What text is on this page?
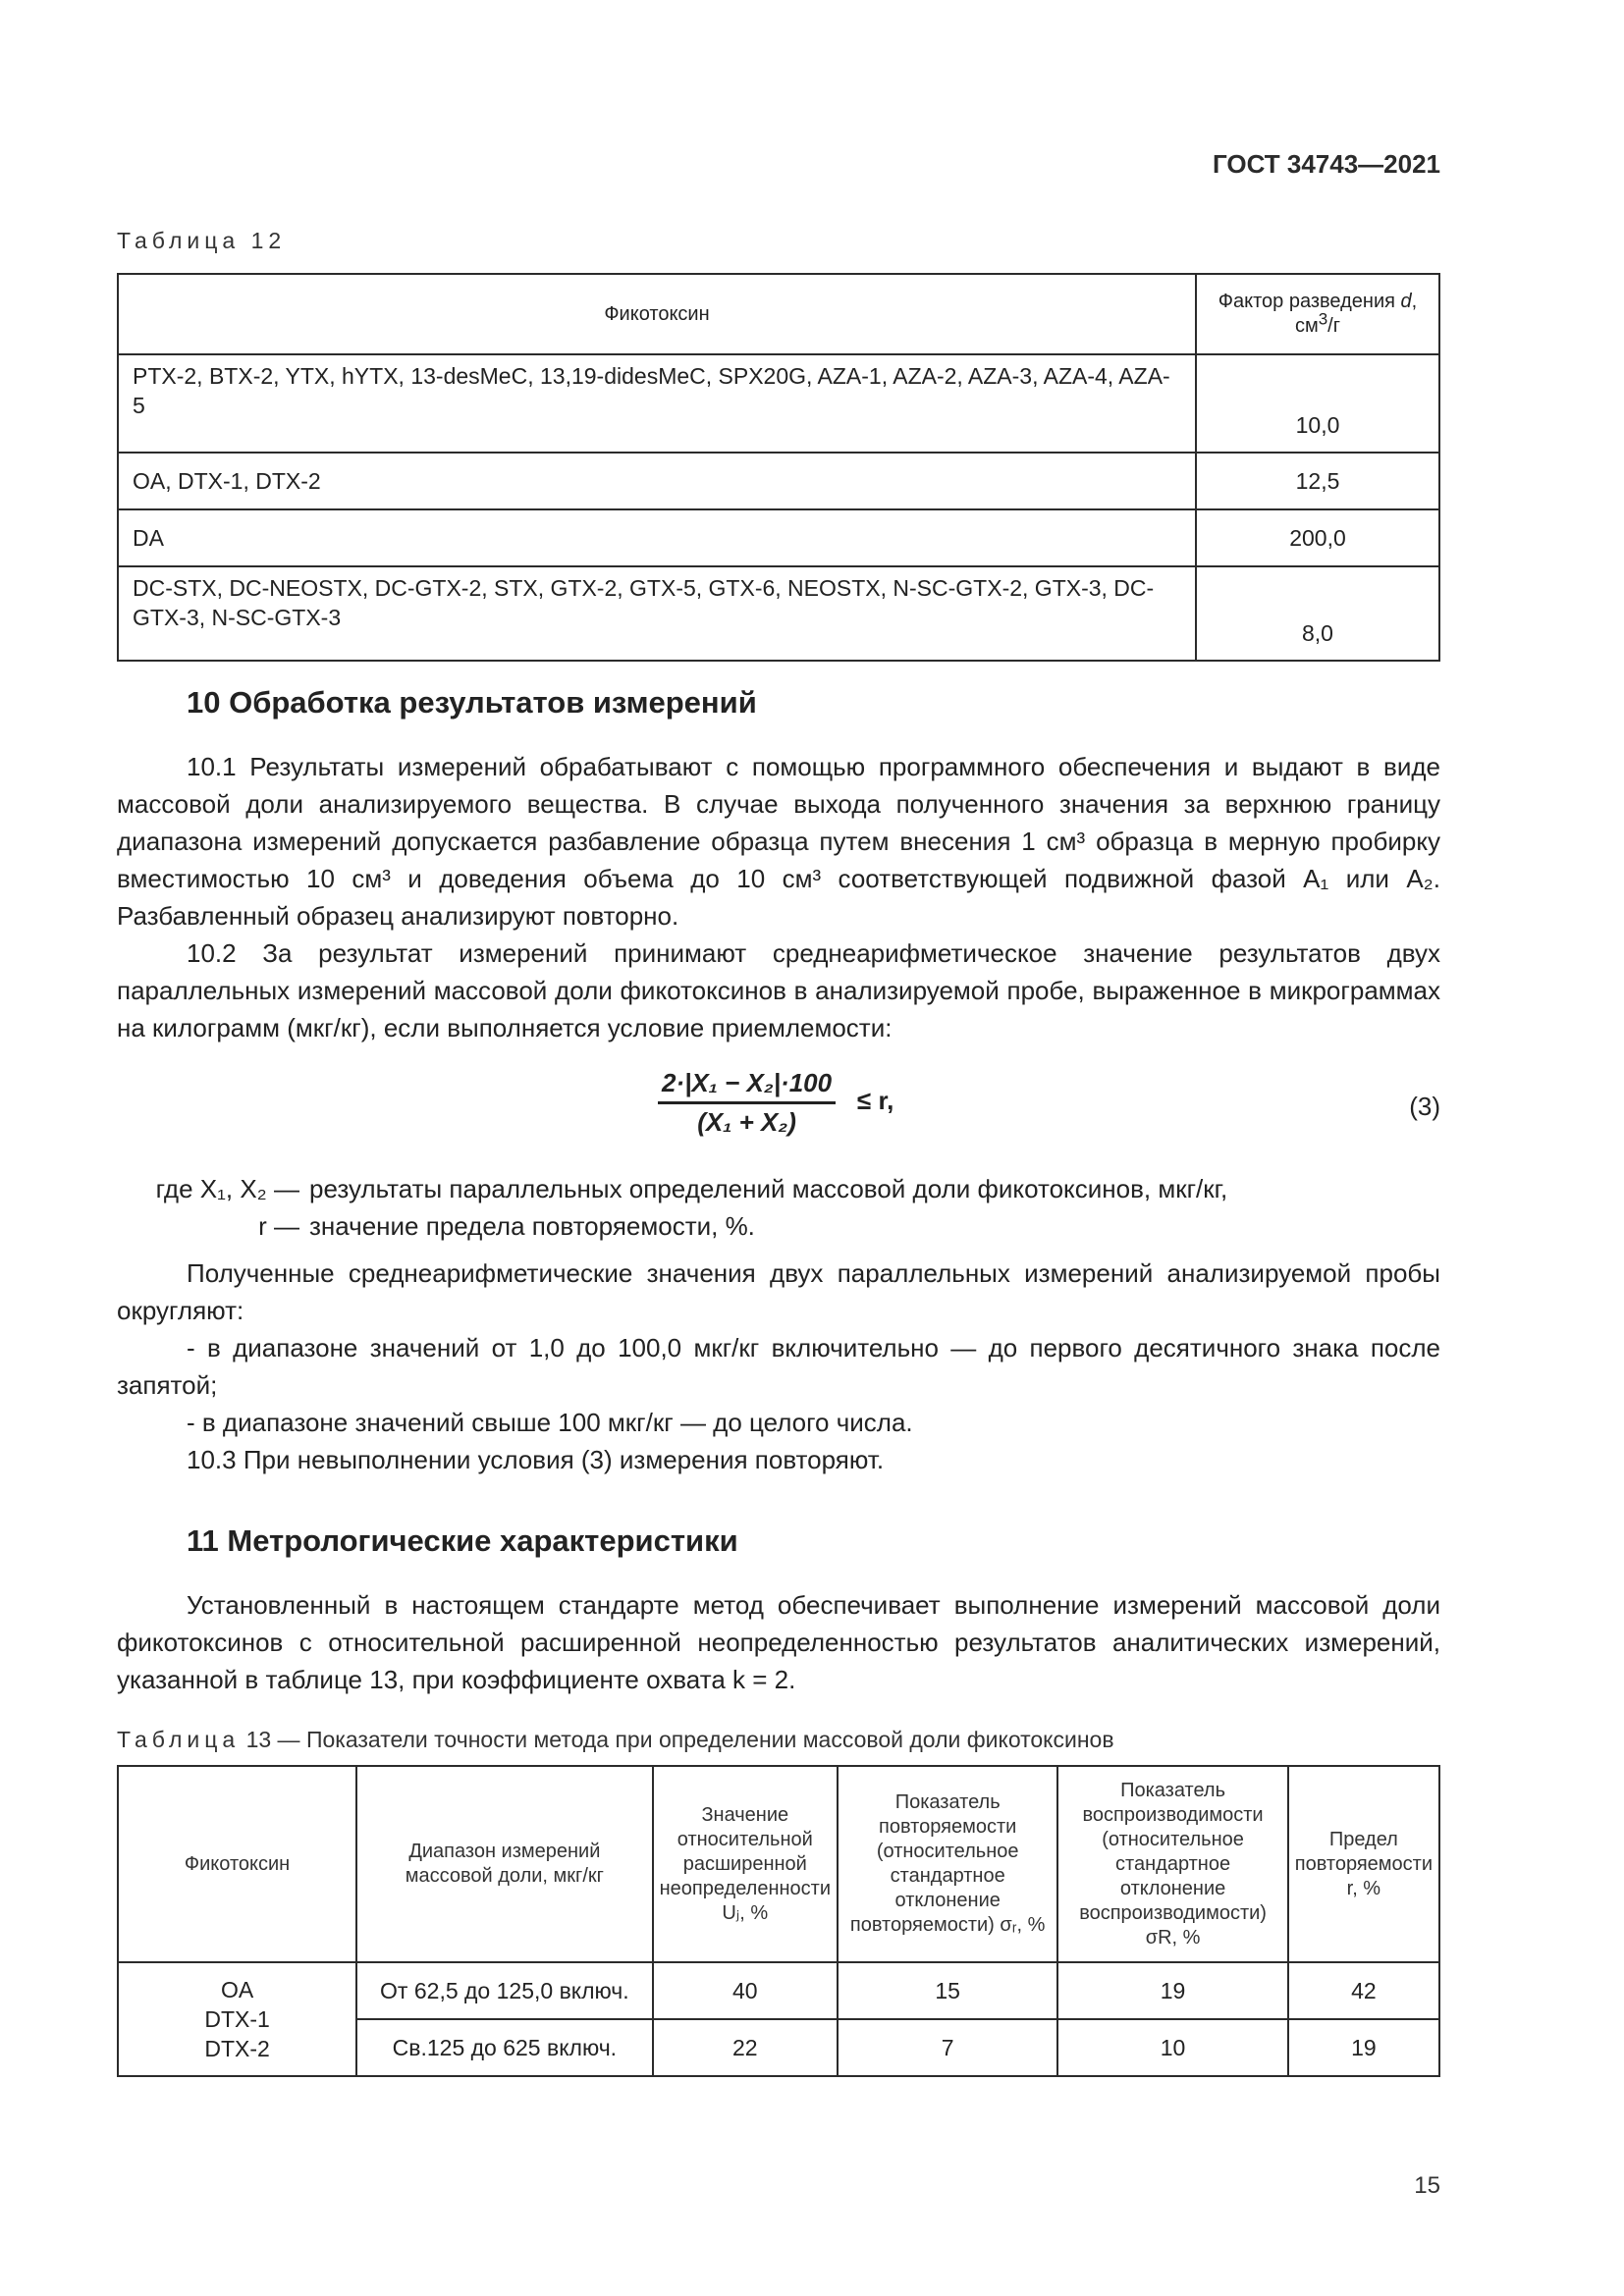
ГОСТ 34743—2021
Таблица 12
Фикотоксин	Фактор разведения d,
$см^3/г$
PTX-2, BTX-2, YTX, hYTX, 13-desMeC, 13,19-didesMeC, SPX20G, AZA-1, AZA-2, AZA-3, AZA-4, AZA-5	10,0
OA, DTX-1, DTX-2	12,5
DA	200,0
DC-STX, DC-NEOSTX, DC-GTX-2, STX, GTX-2, GTX-5, GTX-6, NEOSTX, N-SC-GTX-2, GTX-3, DC-GTX-3, N-SC-GTX-3	8,0
10 Обработка результатов измерений

10.1 Результаты измерений обрабатывают с помощью программного обеспечения и выдают в виде массовой доли анализируемого вещества. В случае выхода полученного значения за верхнюю границу диапазона измерений допускается разбавление образца путем внесения 1 см³ образца в мерную пробирку вместимостью 10 см³ и доведения объема до 10 см³ соответствующей подвижной фазой A₁ или A₂. Разбавленный образец анализируют повторно.

10.2 За результат измерений принимают среднеарифметическое значение результатов двух параллельных измерений массовой доли фикотоксинов в анализируемой пробе, выраженное в микрограммах на килограмм (мкг/кг), если выполняется условие приемлемости:

2·|X₁ − X₂|·100
(X₁ + X₂)
≤ r,	(3)
где X₁, X₂ — результаты параллельных определений массовой доли фикотоксинов, мкг/кг,
r — значение предела повторяемости, %.

Полученные среднеарифметические значения двух параллельных измерений анализируемой пробы округляют:

- в диапазоне значений от 1,0 до 100,0 мкг/кг включительно — до первого десятичного знака после запятой;

- в диапазоне значений свыше 100 мкг/кг — до целого числа.

10.3 При невыполнении условия (3) измерения повторяют.

11 Метрологические характеристики

Установленный в настоящем стандарте метод обеспечивает выполнение измерений массовой доли фикотоксинов с относительной расширенной неопределенностью результатов аналитических измерений, указанной в таблице 13, при коэффициенте охвата k = 2.

Таблица 13 — Показатели точности метода при определении массовой доли фикотоксинов
Фикотоксин	Диапазон измерений массовой доли, мкг/кг	Значение относительной расширенной неопределенности Uⱼ, %	Показатель повторяемости (относительное стандартное отклонение повторяемости) σᵣ, %	Показатель воспроизводимости (относительное стандартное отклонение воспроизводимости) σR, %	Предел повторяемости r, %
OA
DTX-1
DTX-2	От 62,5 до 125,0 включ.	40	15	19	42
	Св.125 до 625 включ.	22	7	10	19
15
